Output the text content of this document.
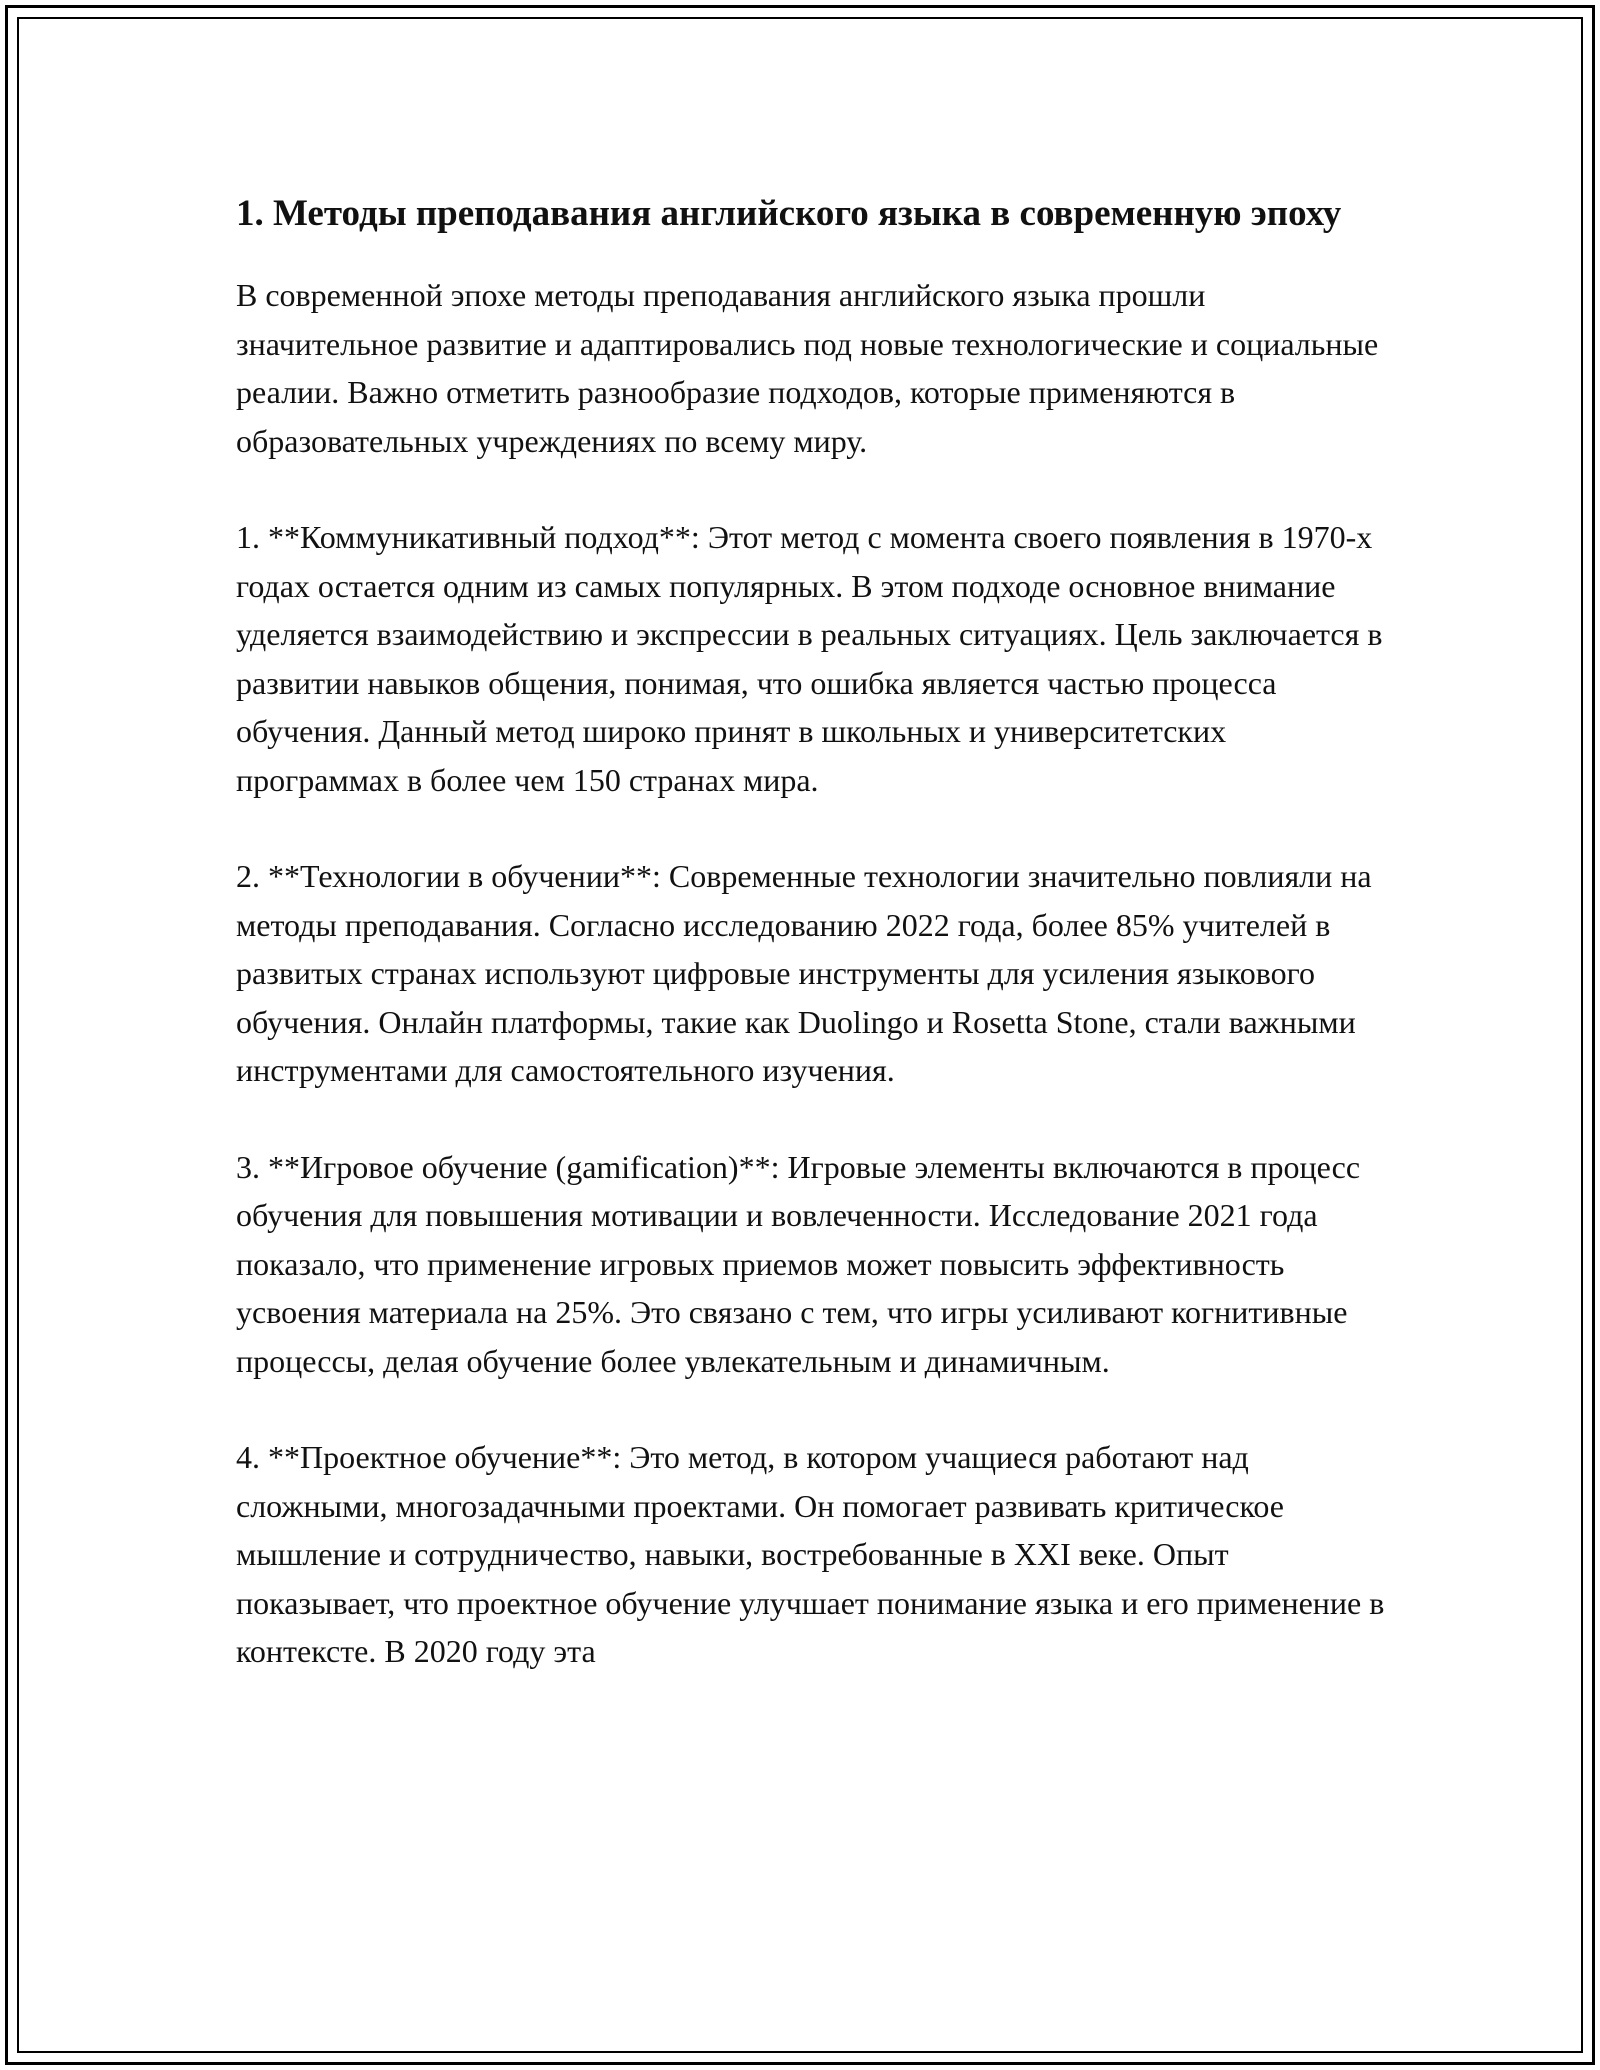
1. Методы преподавания английского языка в современную эпоху

В современной эпохе методы преподавания английского языка прошли значительное развитие и адаптировались под новые технологические и социальные реалии. Важно отметить разнообразие подходов, которые применяются в образовательных учреждениях по всему миру.

1. **Коммуникативный подход**: Этот метод с момента своего появления в 1970-х годах остается одним из самых популярных. В этом подходе основное внимание уделяется взаимодействию и экспрессии в реальных ситуациях. Цель заключается в развитии навыков общения, понимая, что ошибка является частью процесса обучения. Данный метод широко принят в школьных и университетских программах в более чем 150 странах мира.

2. **Технологии в обучении**: Современные технологии значительно повлияли на методы преподавания. Согласно исследованию 2022 года, более 85% учителей в развитых странах используют цифровые инструменты для усиления языкового обучения. Онлайн платформы, такие как Duolingo и Rosetta Stone, стали важными инструментами для самостоятельного изучения.

3. **Игровое обучение (gamification)**: Игровые элементы включаются в процесс обучения для повышения мотивации и вовлеченности. Исследование 2021 года показало, что применение игровых приемов может повысить эффективность усвоения материала на 25%. Это связано с тем, что игры усиливают когнитивные процессы, делая обучение более увлекательным и динамичным.

4. **Проектное обучение**: Это метод, в котором учащиеся работают над сложными, многозадачными проектами. Он помогает развивать критическое мышление и сотрудничество, навыки, востребованные в XXI веке. Опыт показывает, что проектное обучение улучшает понимание языка и его применение в контексте. В 2020 году эта
